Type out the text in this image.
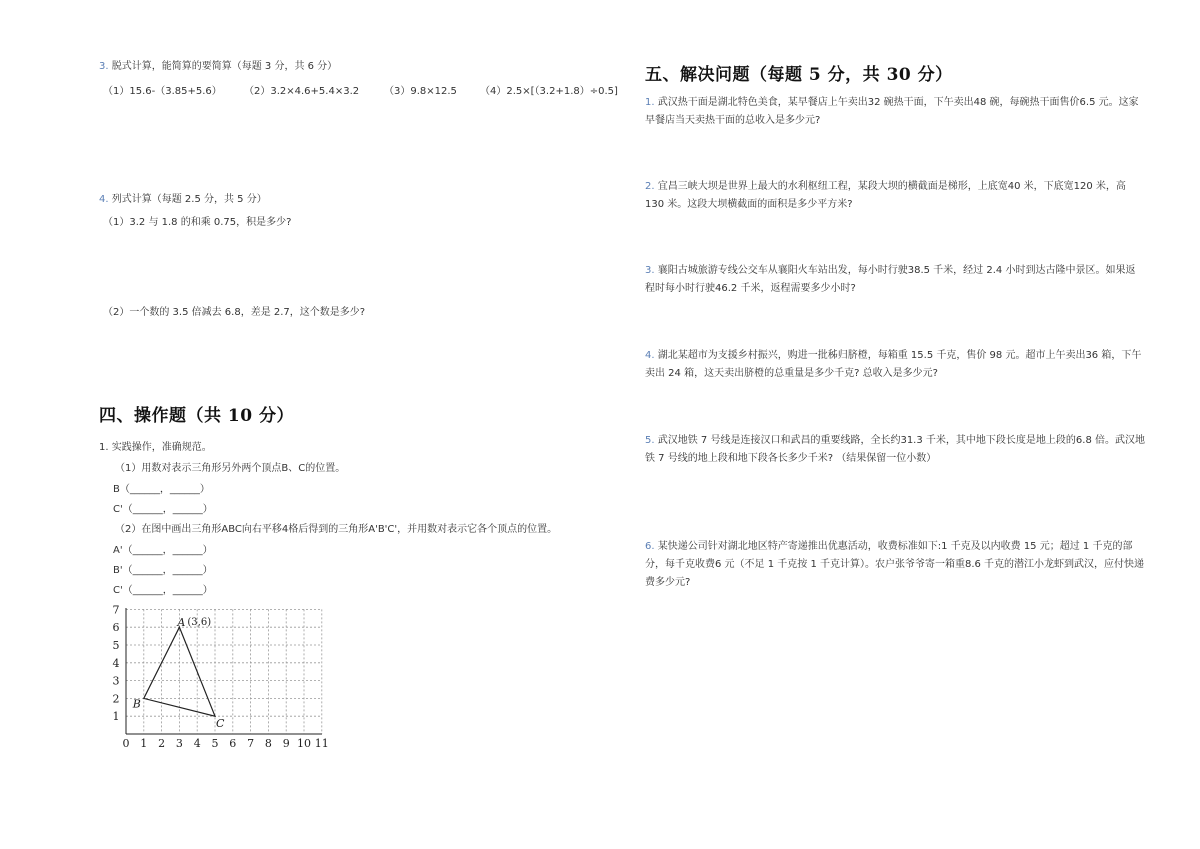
3. 脱式计算，能简算的要简算（每题 3 分，共 6 分）
（1）15.6-（3.85+5.6） （2）3.2×4.6+5.4×3.2 （3）9.8×12.5 （4）2.5×[（3.2+1.8）÷0.5]
4. 列式计算（每题 2.5 分，共 5 分）
（1）3.2 与 1.8 的和乘 0.75，积是多少?
（2）一个数的 3.5 倍减去 6.8，差是 2.7，这个数是多少?
四、操作题（共 10 分）
1. 实践操作，准确规范。
（1）用数对表示三角形另外两个顶点B、C的位置。
B（______，______）
C'（______，______）
（2）在图中画出三角形ABC向右平移4格后得到的三角形A'B'C'，并用数对表示它各个顶点的位置。
A'（______，______）
B'（______，______）
C'（______，______）
1
2
3
4
5
6
7
0 1 2 3 4 5 6 7 8 9 10 11
A (3,6)
B
C
五、解决问题（每题 5 分，共 30 分）
1. 武汉热干面是湖北特色美食，某早餐店上午卖出32 碗热干面，下午卖出48 碗，每碗热干面售价6.5 元。这家早餐店当天卖热干面的总收入是多少元?
2. 宜昌三峡大坝是世界上最大的水利枢纽工程，某段大坝的横截面是梯形，上底宽40 米，下底宽120 米，高 130 米。这段大坝横截面的面积是多少平方米?
3. 襄阳古城旅游专线公交车从襄阳火车站出发，每小时行驶38.5 千米，经过 2.4 小时到达古隆中景区。如果返程时每小时行驶46.2 千米，返程需要多少小时?
4. 湖北某超市为支援乡村振兴，购进一批秭归脐橙，每箱重 15.5 千克，售价 98 元。超市上午卖出36 箱，下午卖出 24 箱，这天卖出脐橙的总重量是多少千克? 总收入是多少元?
5. 武汉地铁 7 号线是连接汉口和武昌的重要线路，全长约31.3 千米，其中地下段长度是地上段的6.8 倍。武汉地铁 7 号线的地上段和地下段各长多少千米? （结果保留一位小数）
6. 某快递公司针对湖北地区特产寄递推出优惠活动，收费标准如下:1 千克及以内收费 15 元；超过 1 千克的部分，每千克收费6 元（不足 1 千克按 1 千克计算）。农户张爷爷寄一箱重8.6 千克的潜江小龙虾到武汉，应付快递费多少元?
